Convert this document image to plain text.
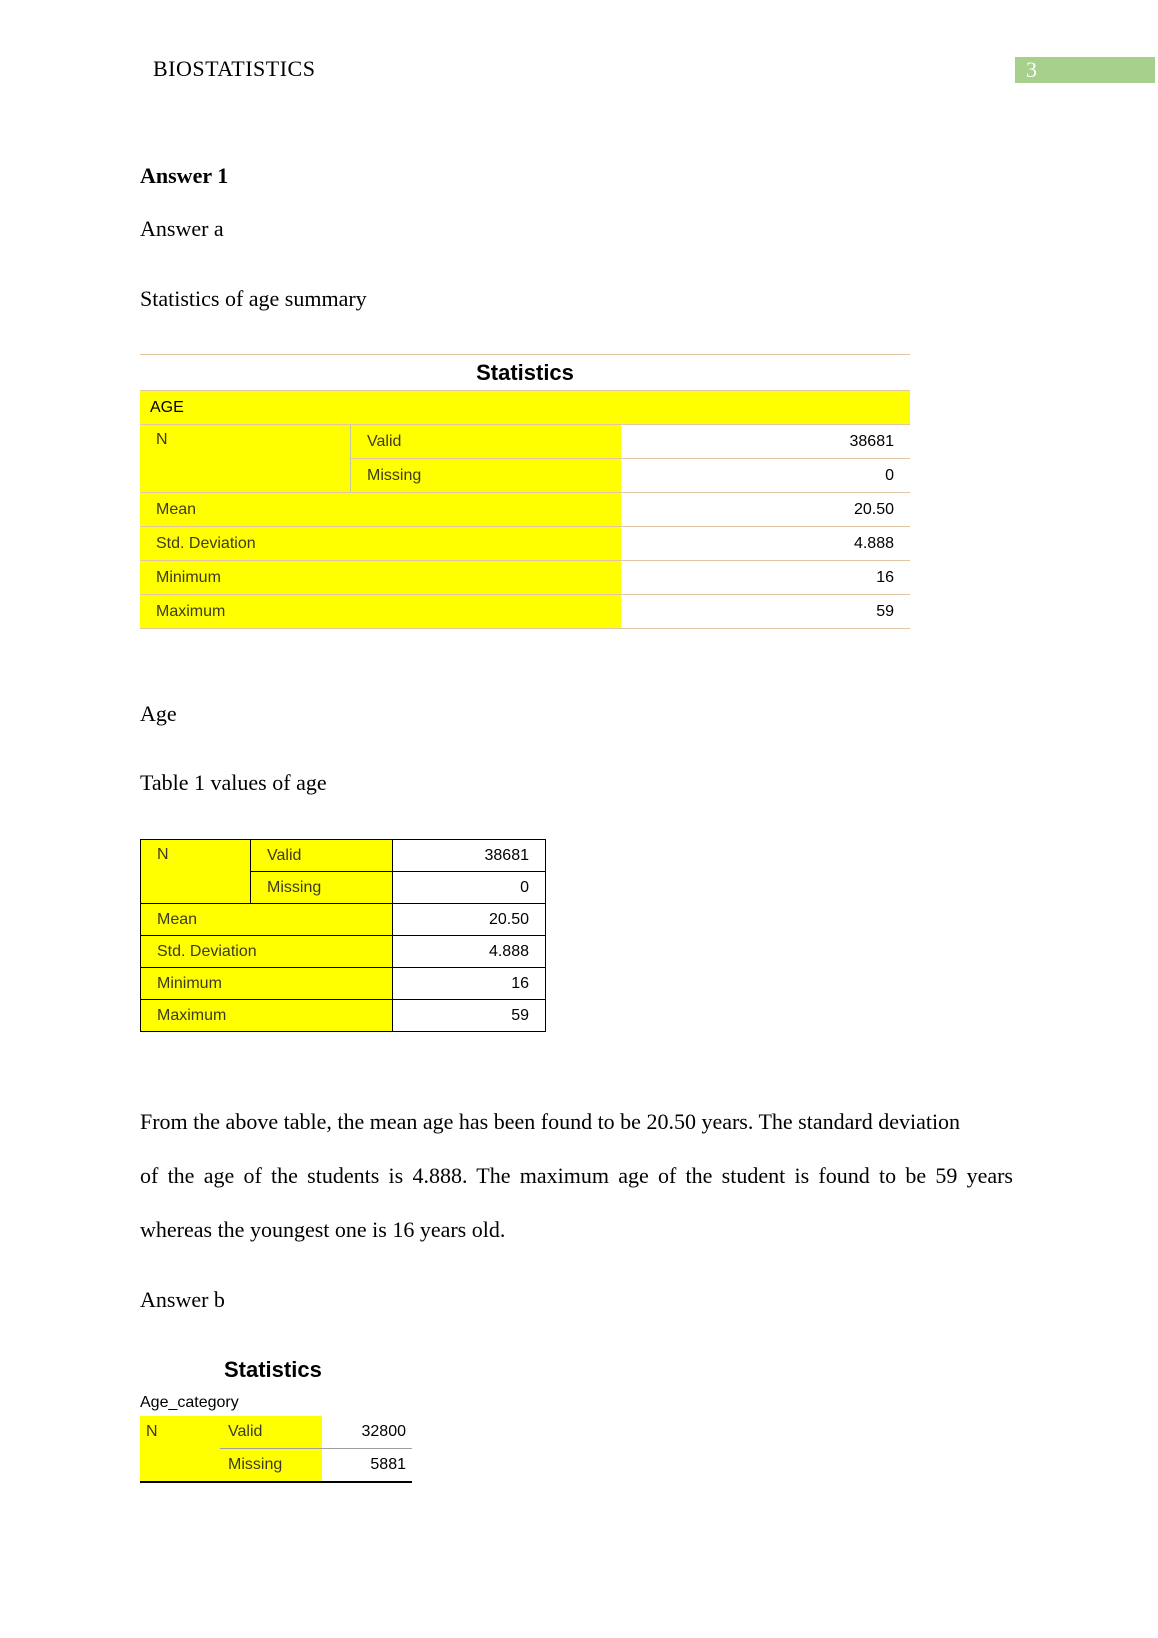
3
BIOSTATISTICS
Answer 1
Answer a
Statistics of age summary
Statistics		
AGE		
N	Valid	38681
	Missing	0
Mean		20.50
Std. Deviation		4.888
Minimum		16
Maximum		59
Age
Table 1 values of age
N	Valid	38681
	Missing	0
Mean		20.50
Std. Deviation		4.888
Minimum		16
Maximum		59
From the above table, the mean age has been found to be 20.50 years. The standard deviation
of the age of the students is 4.888. The maximum age of the student is found to be 59 years
whereas the youngest one is 16 years old.
Answer b
Statistics
Age_category
N	Valid	32800
	Missing	5881
